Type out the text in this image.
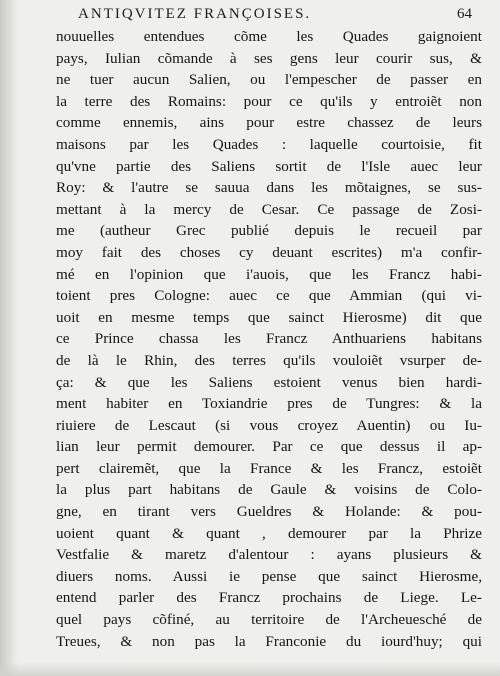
ANTIQVITEZ FRANÇOISES.	64
nouuelles entendues cõme les Quades gaignoient
pays, Iulian cõmande à ses gens leur courir sus, &
ne tuer aucun Salien, ou l'empescher de passer en
la terre des Romains: pour ce qu'ils y entroiẽt non
comme ennemis, ains pour estre chassez de leurs
maisons par les Quades : laquelle courtoisie, fit
qu'vne partie des Saliens sortit de l'Isle auec leur
Roy: & l'autre se sauua dans les mõtaignes, se sus-
mettant à la mercy de Cesar. Ce passage de Zosi-
me (autheur Grec publié depuis le recueil par
moy fait des choses cy deuant escrites) m'a confir-
mé en l'opinion que i'auois, que les Francz habi-
toient pres Cologne: auec ce que Ammian (qui vi-
uoit en mesme temps que sainct Hierosme) dit que
ce Prince chassa les Francz Anthuariens habitans
de là le Rhin, des terres qu'ils vouloiẽt vsurper de-
ça: & que les Saliens estoient venus bien hardi-
ment habiter en Toxiandrie pres de Tungres: & la
riuiere de Lescaut (si vous croyez Auentin) ou Iu-
lian leur permit demourer. Par ce que dessus il ap-
pert clairemẽt, que la France & les Francz, estoiẽt
la plus part habitans de Gaule & voisins de Colo-
gne, en tirant vers Gueldres & Holande: & pou-
uoient quant & quant , demourer par la Phrize
Vestfalie & maretz d'alentour : ayans plusieurs &
diuers noms. Aussi ie pense que sainct Hierosme,
entend parler des Francz prochains de Liege. Le-
quel pays cõfiné, au territoire de l'Archeuesché de
Treues, & non pas la Franconie du iourd'huy; qui
